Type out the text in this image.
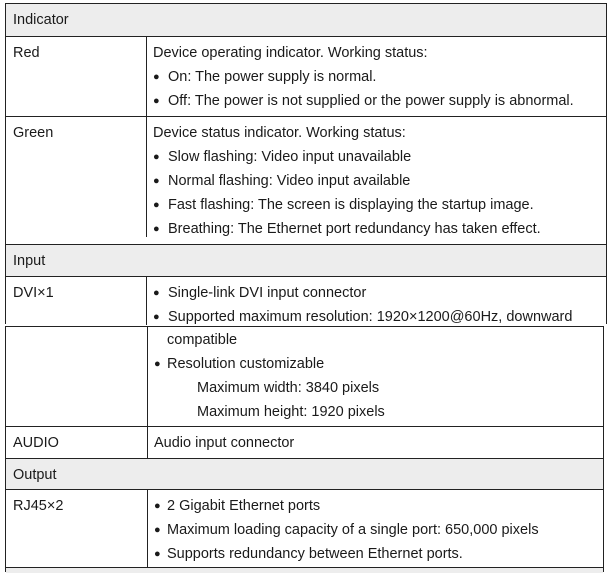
Indicator
Red	Device operating indicator. Working status:
● On: The power supply is normal.
● Off: The power is not supplied or the power supply is abnormal.
Green	Device status indicator. Working status:
● Slow flashing: Video input unavailable
● Normal flashing: Video input available
● Fast flashing: The screen is displaying the startup image.
● Breathing: The Ethernet port redundancy has taken effect.
Input
DVI×1	● Single-link DVI input connector
● Supported maximum resolution: 1920×1200@60Hz, downward
compatible
● Resolution customizable
Maximum width: 3840 pixels
Maximum height: 1920 pixels
AUDIO	Audio input connector
Output
RJ45×2	● 2 Gigabit Ethernet ports
● Maximum loading capacity of a single port: 650,000 pixels
● Supports redundancy between Ethernet ports.
